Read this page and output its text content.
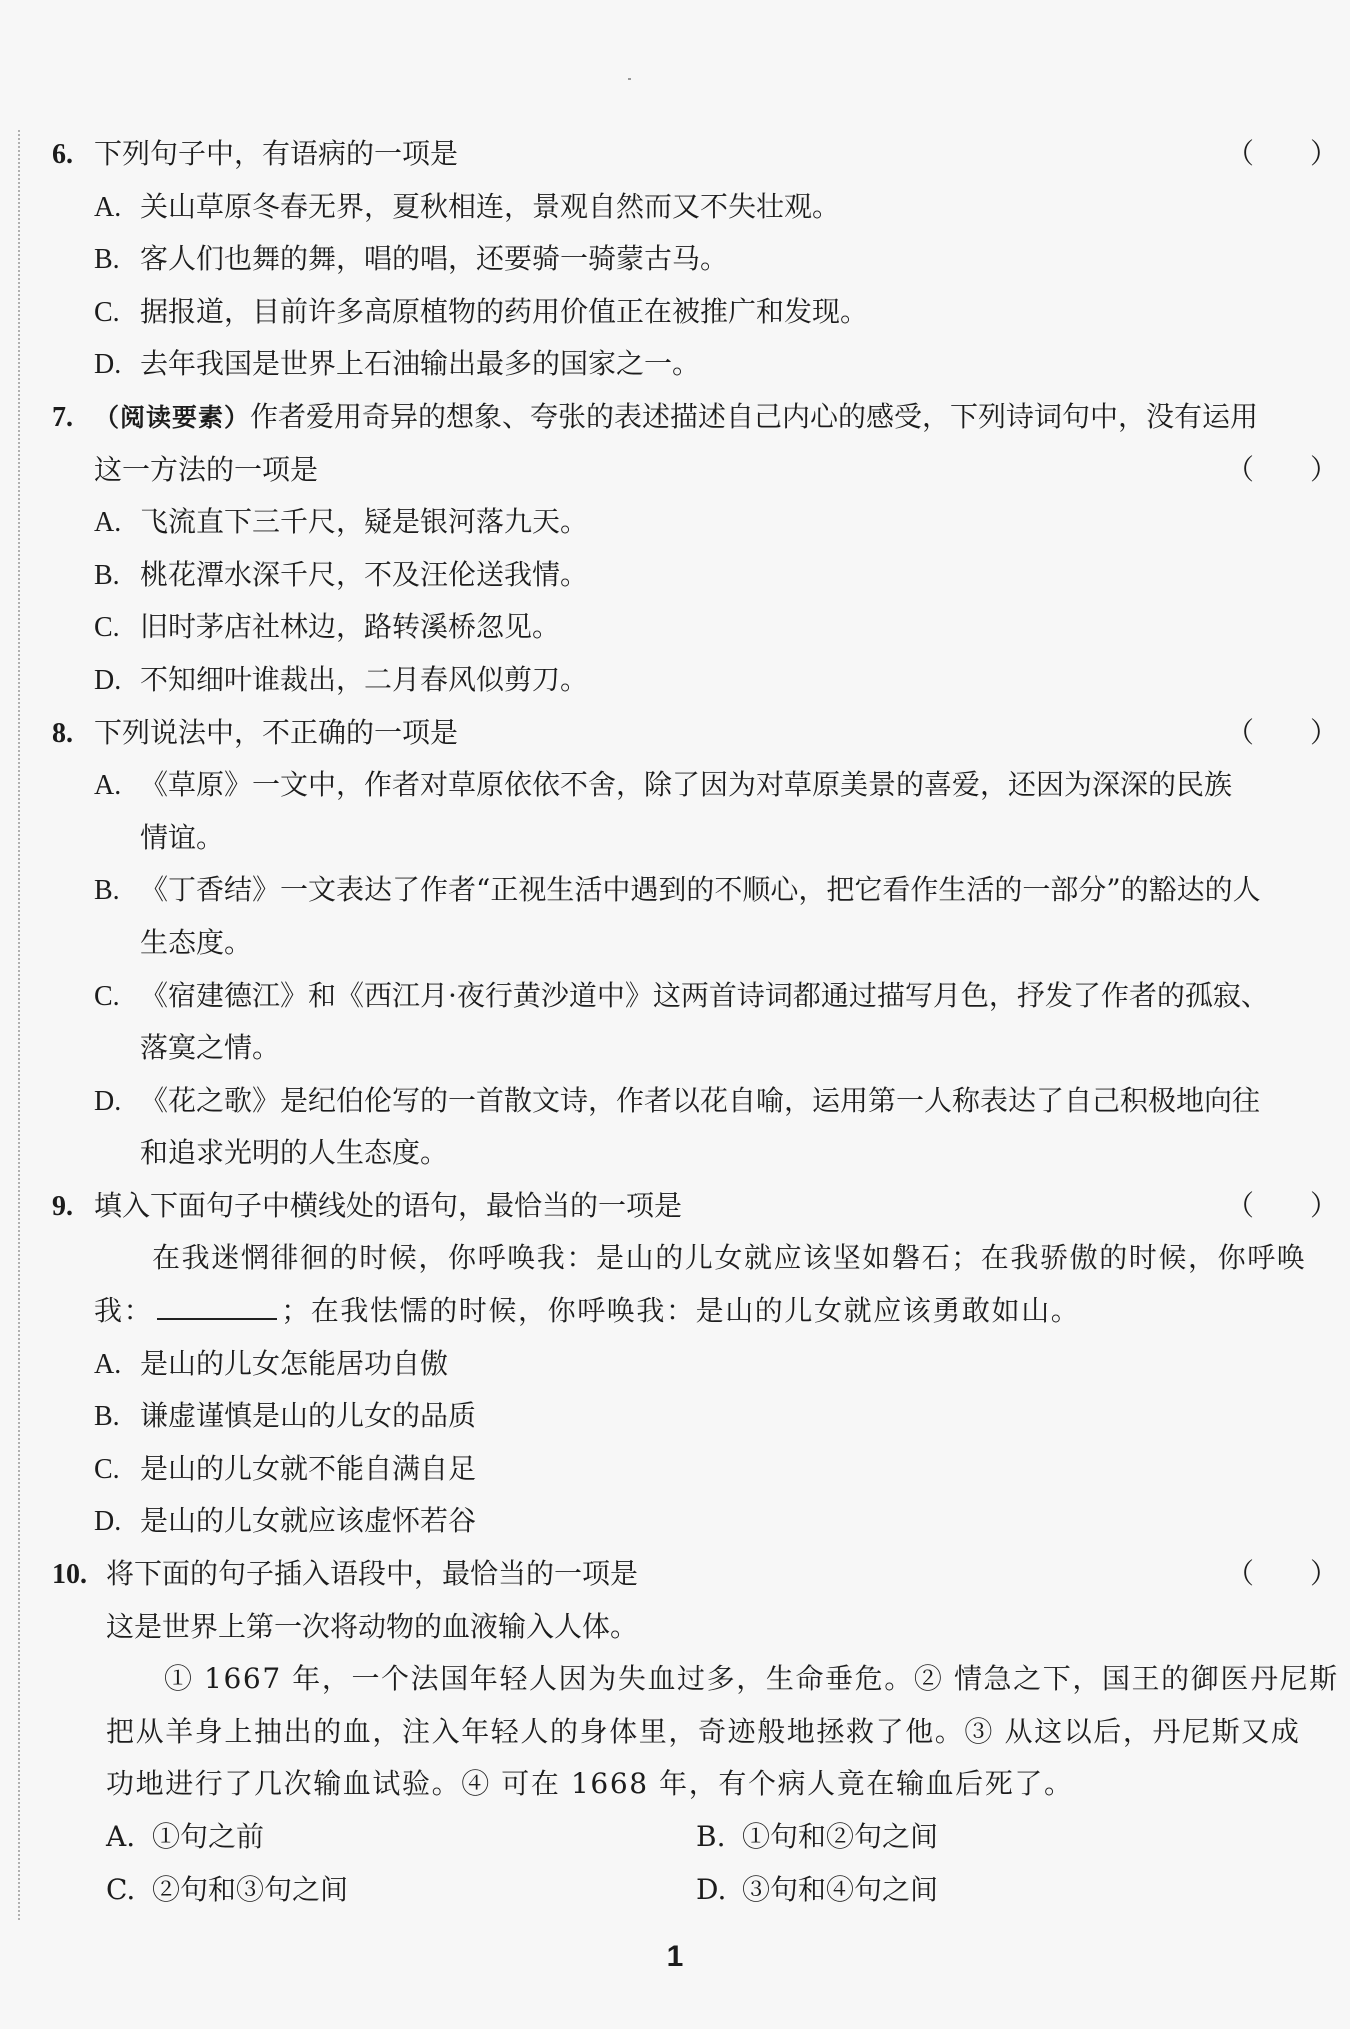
6. 下列句子中，有语病的一项是	（   ）
A. 关山草原冬春无界，夏秋相连，景观自然而又不失壮观。
B. 客人们也舞的舞，唱的唱，还要骑一骑蒙古马。
C. 据报道，目前许多高原植物的药用价值正在被推广和发现。
D. 去年我国是世界上石油输出最多的国家之一。
7. （阅读要素）作者爱用奇异的想象、夸张的表述描述自己内心的感受，下列诗词句中，没有运用
这一方法的一项是	（   ）
A. 飞流直下三千尺，疑是银河落九天。
B. 桃花潭水深千尺，不及汪伦送我情。
C. 旧时茅店社林边，路转溪桥忽见。
D. 不知细叶谁裁出，二月春风似剪刀。
8. 下列说法中，不正确的一项是	（   ）
A. 《草原》一文中，作者对草原依依不舍，除了因为对草原美景的喜爱，还因为深深的民族
情谊。
B. 《丁香结》一文表达了作者“正视生活中遇到的不顺心，把它看作生活的一部分”的豁达的人
生态度。
C. 《宿建德江》和《西江月·夜行黄沙道中》这两首诗词都通过描写月色，抒发了作者的孤寂、
落寞之情。
D. 《花之歌》是纪伯伦写的一首散文诗，作者以花自喻，运用第一人称表达了自己积极地向往
和追求光明的人生态度。
9. 填入下面句子中横线处的语句，最恰当的一项是	（   ）
在我迷惘徘徊的时候，你呼唤我：是山的儿女就应该坚如磐石；在我骄傲的时候，你呼唤
我：	；在我怯懦的时候，你呼唤我：是山的儿女就应该勇敢如山。
A. 是山的儿女怎能居功自傲
B. 谦虚谨慎是山的儿女的品质
C. 是山的儿女就不能自满自足
D. 是山的儿女就应该虚怀若谷
10. 将下面的句子插入语段中，最恰当的一项是	（   ）
这是世界上第一次将动物的血液输入人体。
① 1667 年，一个法国年轻人因为失血过多，生命垂危。② 情急之下，国王的御医丹尼斯
把从羊身上抽出的血，注入年轻人的身体里，奇迹般地拯救了他。③ 从这以后，丹尼斯又成
功地进行了几次输血试验。④ 可在 1668 年，有个病人竟在输血后死了。
A. ①句之前	B. ①句和②句之间
C. ②句和③句之间	D. ③句和④句之间
1
